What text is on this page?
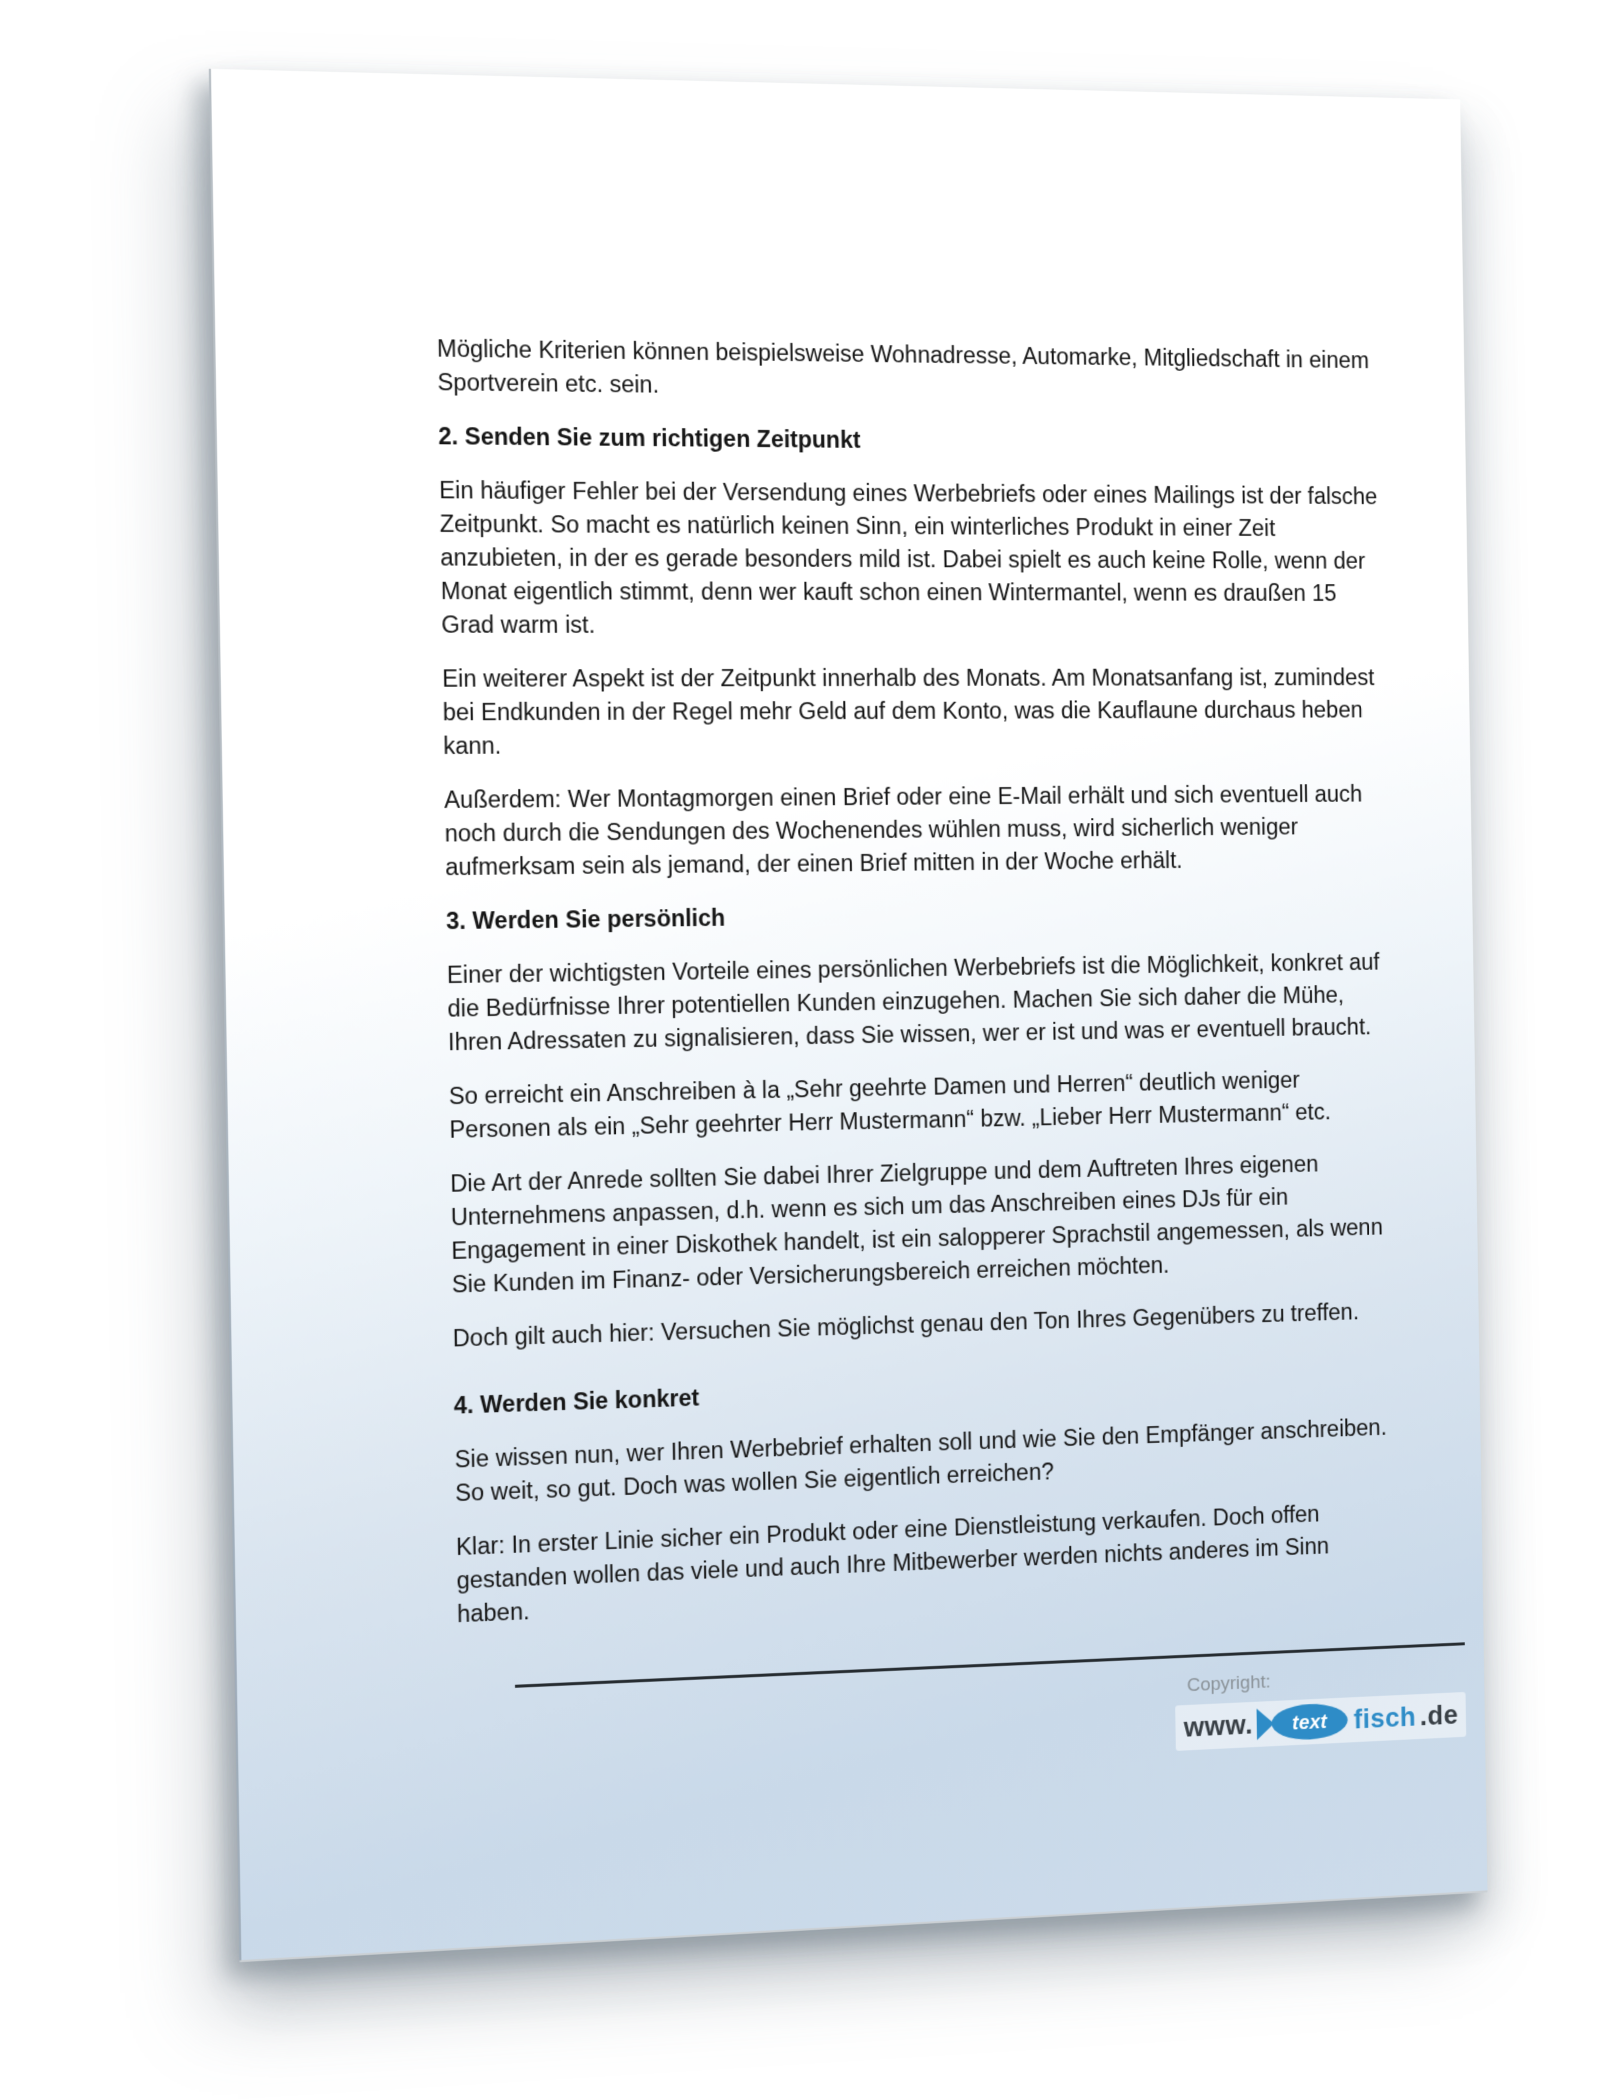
Mögliche Kriterien können beispielsweise Wohnadresse, Automarke, Mitgliedschaft in einem Sportverein etc. sein.

2. Senden Sie zum richtigen Zeitpunkt

Ein häufiger Fehler bei der Versendung eines Werbebriefs oder eines Mailings ist der falsche Zeitpunkt. So macht es natürlich keinen Sinn, ein winterliches Produkt in einer Zeit anzubieten, in der es gerade besonders mild ist. Dabei spielt es auch keine Rolle, wenn der Monat eigentlich stimmt, denn wer kauft schon einen Wintermantel, wenn es draußen 15 Grad warm ist.

Ein weiterer Aspekt ist der Zeitpunkt innerhalb des Monats. Am Monatsanfang ist, zumindest bei Endkunden in der Regel mehr Geld auf dem Konto, was die Kauflaune durchaus heben kann.

Außerdem: Wer Montagmorgen einen Brief oder eine E-Mail erhält und sich eventuell auch noch durch die Sendungen des Wochenendes wühlen muss, wird sicherlich weniger aufmerksam sein als jemand, der einen Brief mitten in der Woche erhält.

3. Werden Sie persönlich

Einer der wichtigsten Vorteile eines persönlichen Werbebriefs ist die Möglichkeit, konkret auf die Bedürfnisse Ihrer potentiellen Kunden einzugehen. Machen Sie sich daher die Mühe, Ihren Adressaten zu signalisieren, dass Sie wissen, wer er ist und was er eventuell braucht.

So erreicht ein Anschreiben à la „Sehr geehrte Damen und Herren“ deutlich weniger Personen als ein „Sehr geehrter Herr Mustermann“ bzw. „Lieber Herr Mustermann“ etc.

Die Art der Anrede sollten Sie dabei Ihrer Zielgruppe und dem Auftreten Ihres eigenen Unternehmens anpassen, d.h. wenn es sich um das Anschreiben eines DJs für ein Engagement in einer Diskothek handelt, ist ein salopperer Sprachstil angemessen, als wenn Sie Kunden im Finanz- oder Versicherungsbereich erreichen möchten.

Doch gilt auch hier: Versuchen Sie möglichst genau den Ton Ihres Gegenübers zu treffen.

4. Werden Sie konkret

Sie wissen nun, wer Ihren Werbebrief erhalten soll und wie Sie den Empfänger anschreiben. So weit, so gut. Doch was wollen Sie eigentlich erreichen?

Klar: In erster Linie sicher ein Produkt oder eine Dienstleistung verkaufen. Doch offen gestanden wollen das viele und auch Ihre Mitbewerber werden nichts anderes im Sinn haben.

Copyright:
www. text fisch .de
